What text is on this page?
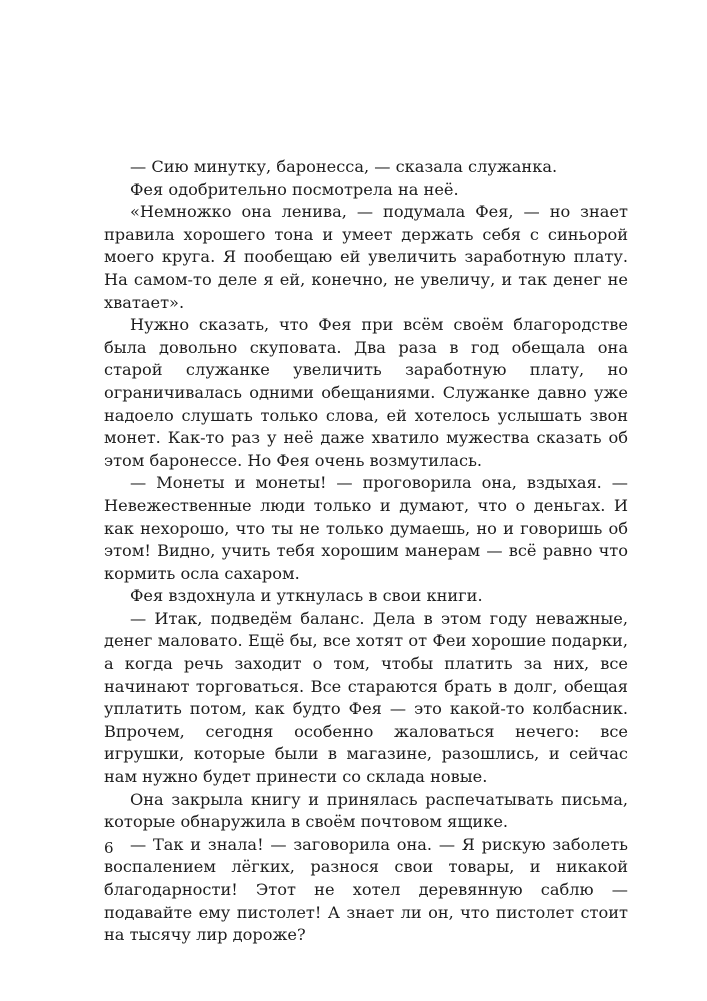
— Сию минутку, баронесса, — сказала служанка.

Фея одобрительно посмотрела на неё.

«Немножко она ленива, — подумала Фея, — но знает правила хорошего тона и умеет держать себя с синьорой моего круга. Я пообещаю ей увеличить заработную плату. На самом-то деле я ей, конечно, не увеличу, и так денег не хватает».

Нужно сказать, что Фея при всём своём благородстве была довольно скуповата. Два раза в год обещала она старой служанке увеличить заработную плату, но ограничивалась одними обещаниями. Служанке давно уже надоело слушать только слова, ей хотелось услышать звон монет. Как-то раз у неё даже хватило мужества сказать об этом баронессе. Но Фея очень возмутилась.

— Монеты и монеты! — проговорила она, вздыхая. — Невежественные люди только и думают, что о деньгах. И как нехорошо, что ты не только думаешь, но и говоришь об этом! Видно, учить тебя хорошим манерам — всё равно что кормить осла сахаром.

Фея вздохнула и уткнулась в свои книги.

— Итак, подведём баланс. Дела в этом году неважные, денег маловато. Ещё бы, все хотят от Феи хорошие подарки, а когда речь заходит о том, чтобы платить за них, все начинают торговаться. Все стараются брать в долг, обещая уплатить потом, как будто Фея — это какой-то колбасник. Впрочем, сегодня особенно жаловаться нечего: все игрушки, которые были в магазине, разошлись, и сейчас нам нужно будет принести со склада новые.

Она закрыла книгу и принялась распечатывать письма, которые обнаружила в своём почтовом ящике.

— Так и знала! — заговорила она. — Я рискую заболеть воспалением лёгких, разнося свои товары, и никакой благодарности! Этот не хотел деревянную саблю — подавайте ему пистолет! А знает ли он, что пистолет стоит на тысячу лир дороже?

6
